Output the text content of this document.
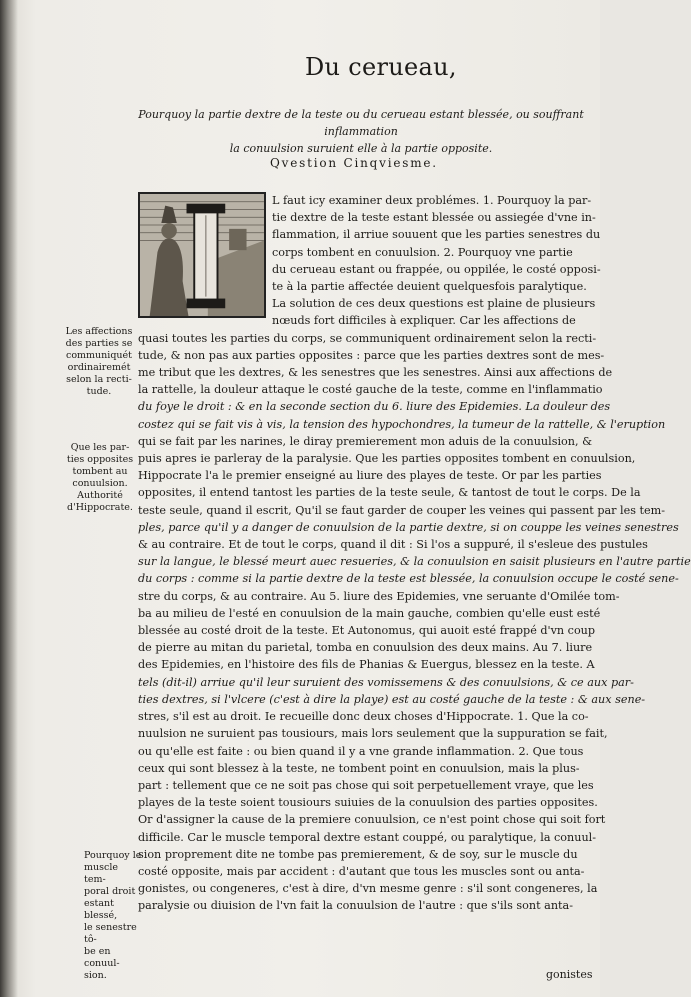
Du cerueau,
Pourquoy la partie dextre de la teste ou du cerueau estant blessée, ou souffrant inflammation
la conuulsion suruient elle à la partie opposite.
Qvestion Cinqviesme.
L faut icy examiner deux problémes. 1. Pourquoy la par-
tie dextre de la teste estant blessée ou assiegée d'vne in-
flammation, il arriue souuent que les parties senestres du
corps tombent en conuulsion. 2. Pourquoy vne partie
du cerueau estant ou frappée, ou oppilée, le costé opposi-
te à la partie affectée deuient quelquesfois paralytique.
La solution de ces deux questions est plaine de plusieurs
nœuds fort difficiles à expliquer. Car les affections de
quasi toutes les parties du corps, se communiquent ordinairement selon la recti-
tude, & non pas aux parties opposites : parce que les parties dextres sont de mes-
me tribut que les dextres, & les senestres que les senestres. Ainsi aux affections de
la rattelle, la douleur attaque le costé gauche de la teste, comme en l'inflammatio
du foye le droit : & en la seconde section du 6. liure des Epidemies. La douleur des
costez qui se fait vis à vis, la tension des hypochondres, la tumeur de la rattelle, & l'eruption
qui se fait par les narines, le diray premierement mon aduis de la conuulsion, &
puis apres ie parleray de la paralysie. Que les parties opposites tombent en conuulsion,
Hippocrate l'a le premier enseigné au liure des playes de teste. Or par les parties
opposites, il entend tantost les parties de la teste seule, & tantost de tout le corps. De la
teste seule, quand il escrit, Qu'il se faut garder de couper les veines qui passent par les tem-
ples, parce qu'il y a danger de conuulsion de la partie dextre, si on couppe les veines senestres
& au contraire. Et de tout le corps, quand il dit : Si l'os a suppuré, il s'esleue des pustules
sur la langue, le blessé meurt auec resueries, & la conuulsion en saisit plusieurs en l'autre partie
du corps : comme si la partie dextre de la teste est blessée, la conuulsion occupe le costé sene-
stre du corps, & au contraire. Au 5. liure des Epidemies, vne seruante d'Omilée tom-
ba au milieu de l'esté en conuulsion de la main gauche, combien qu'elle eust esté
blessée au costé droit de la teste. Et Autonomus, qui auoit esté frappé d'vn coup
de pierre au mitan du parietal, tomba en conuulsion des deux mains. Au 7. liure
des Epidemies, en l'histoire des fils de Phanias & Euergus, blessez en la teste. A
tels (dit-il) arriue qu'il leur suruient des vomissemens & des conuulsions, & ce aux par-
ties dextres, si l'vlcere (c'est à dire la playe) est au costé gauche de la teste : & aux sene-
stres, s'il est au droit. Ie recueille donc deux choses d'Hippocrate. 1. Que la co-
nuulsion ne suruient pas tousiours, mais lors seulement que la suppuration se fait,
ou qu'elle est faite : ou bien quand il y a vne grande inflammation. 2. Que tous
ceux qui sont blessez à la teste, ne tombent point en conuulsion, mais la plus-
part : tellement que ce ne soit pas chose qui soit perpetuellement vraye, que les
playes de la teste soient tousiours suiuies de la conuulsion des parties opposites.
Or d'assigner la cause de la premiere conuulsion, ce n'est point chose qui soit fort
difficile. Car le muscle temporal dextre estant couppé, ou paralytique, la conuul-
sion proprement dite ne tombe pas premierement, & de soy, sur le muscle du
costé opposite, mais par accident : d'autant que tous les muscles sont ou anta-
gonistes, ou congeneres, c'est à dire, d'vn mesme genre : s'il sont congeneres, la
paralysie ou diuision de l'vn fait la conuulsion de l'autre : que s'ils sont anta-
Les affections
des parties se
communiquét
ordinairemét
selon la recti-
tude.
Que les par-
ties opposites
tombent au
conuulsion.
Authorité
d'Hippocrate.
Pourquoy le
muscle tem-
poral droit
estant blessé,
le senestre tô-
be en conuul-
sion.	gonistes
